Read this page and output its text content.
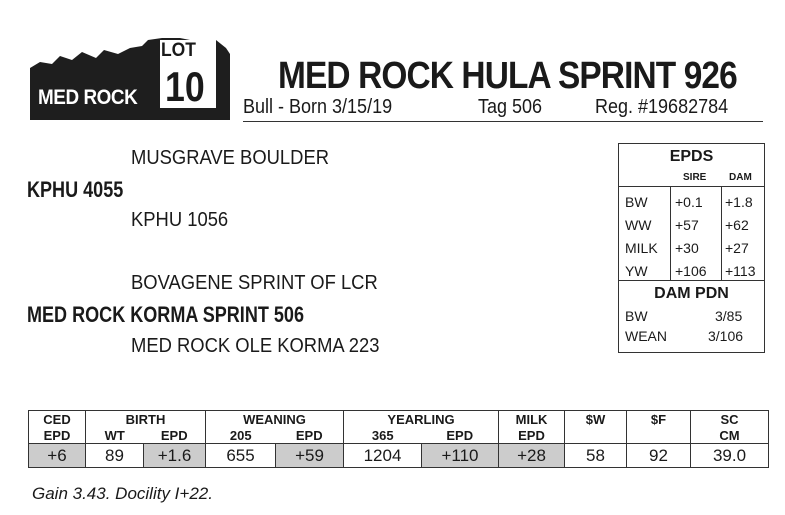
MED ROCK
LOT
10 MED ROCK HULA SPRINT 926
Bull - Born 3/15/19	Tag 506	Reg. #19682784
MUSGRAVE BOULDER
KPHU 4055
KPHU 1056
BOVAGENE SPRINT OF LCR
MED ROCK KORMA SPRINT 506
MED ROCK OLE KORMA 223
EPDS
SIRE DAM
BW +0.1 +1.8
WW +57 +62
MILK +30 +27
YW +106 +113
DAM PDN
BW	3/85
WEAN	3/106
CED	BIRTH		WEANING		YEARLING		MILK	$W	$F	SC
EPD	WT	EPD	205	EPD	365	EPD	EPD			CM
+6	89	+1.6	655	+59	1204	+110	+28	58	92	39.0
Gain 3.43. Docility I+22.
